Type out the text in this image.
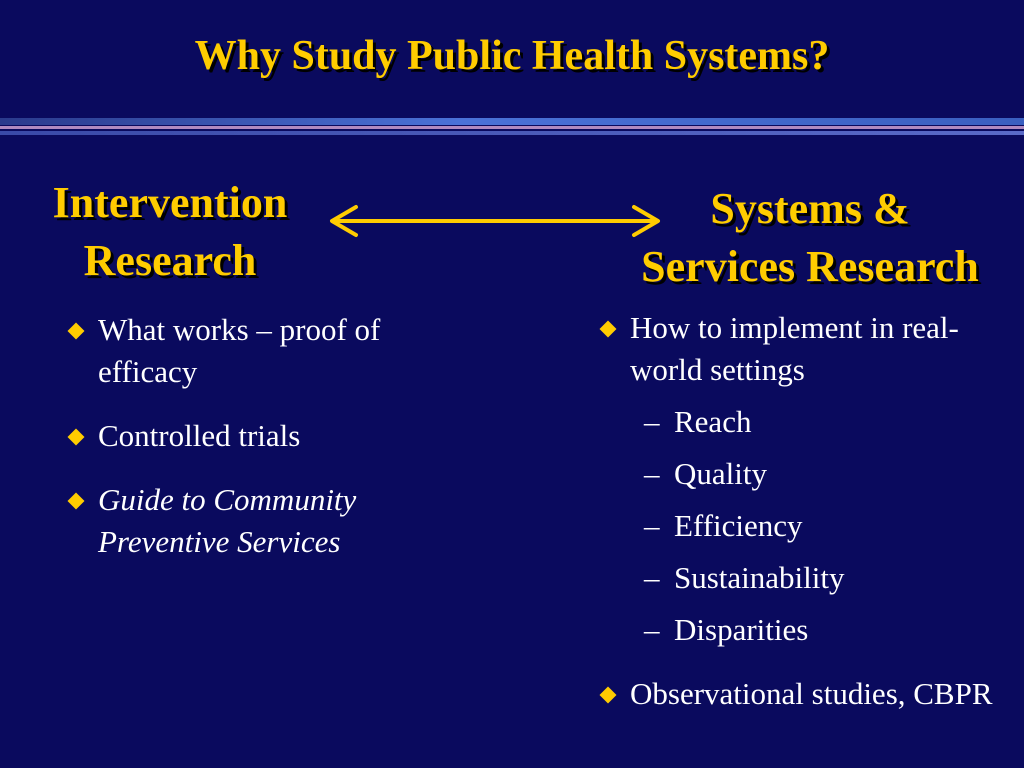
Why Study Public Health Systems?
Intervention
Research
Systems &
Services Research
What works – proof of efficacy
Controlled trials
Guide to Community Preventive Services
How to implement in real-world settings
– Reach
– Quality
– Efficiency
– Sustainability
– Disparities
Observational studies, CBPR
